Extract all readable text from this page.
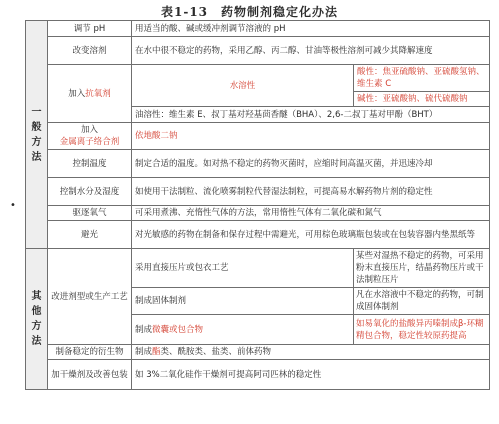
表1-13　药物制剂稳定化办法
•
一般方法	调节 pH	用适当的酸、碱或缓冲剂调节溶液的 pH	
	改变溶剂	在水中很不稳定的药物，采用乙醇、丙二醇、甘油等极性溶剂可减少其降解速度	
	加入抗氧剂	水溶性	酸性：焦亚硫酸钠、亚硫酸氢钠、维生素 C
			碱性：亚硫酸钠、硫代硫酸钠
		油溶性：维生素 E、叔丁基对羟基茴香醚（BHA）、2,6-二叔丁基对甲酚（BHT）	

	加入
金属离子络合剂	依地酸二钠	
	控制温度	制定合适的温度。如对热不稳定的药物灭菌时，应缩时间高温灭菌，并迅速冷却	
	控制水分及湿度	如使用干法制粒、流化喷雾制粒代替湿法制粒，可提高易水解药物片剂的稳定性	
	驱逐氧气	可采用煮沸、充惰性气体的方法，常用惰性气体有二氧化碳和氮气	
	避光	对光敏感的药物在制备和保存过程中需避光，可用棕色玻璃瓶包装或在包装容器内垫黑纸等	
其他方法	改进剂型或生产工艺	采用直接压片或包衣工艺	某些对湿热不稳定的药物，可采用粉末直接压片，结晶药物压片或干法制粒压片
		制成固体制剂	凡在水溶液中不稳定的药物，可制成固体制剂
		制成微囊或包合物	如易氧化的盐酸异丙嗪制成β-环糊精包合物，稳定性较原药提高
	制备稳定的衍生物	制成酯类、酰胺类、盐类、前体药物	
	加干燥剂及改善包装	如 3%二氧化硅作干燥剂可提高阿司匹林的稳定性	
